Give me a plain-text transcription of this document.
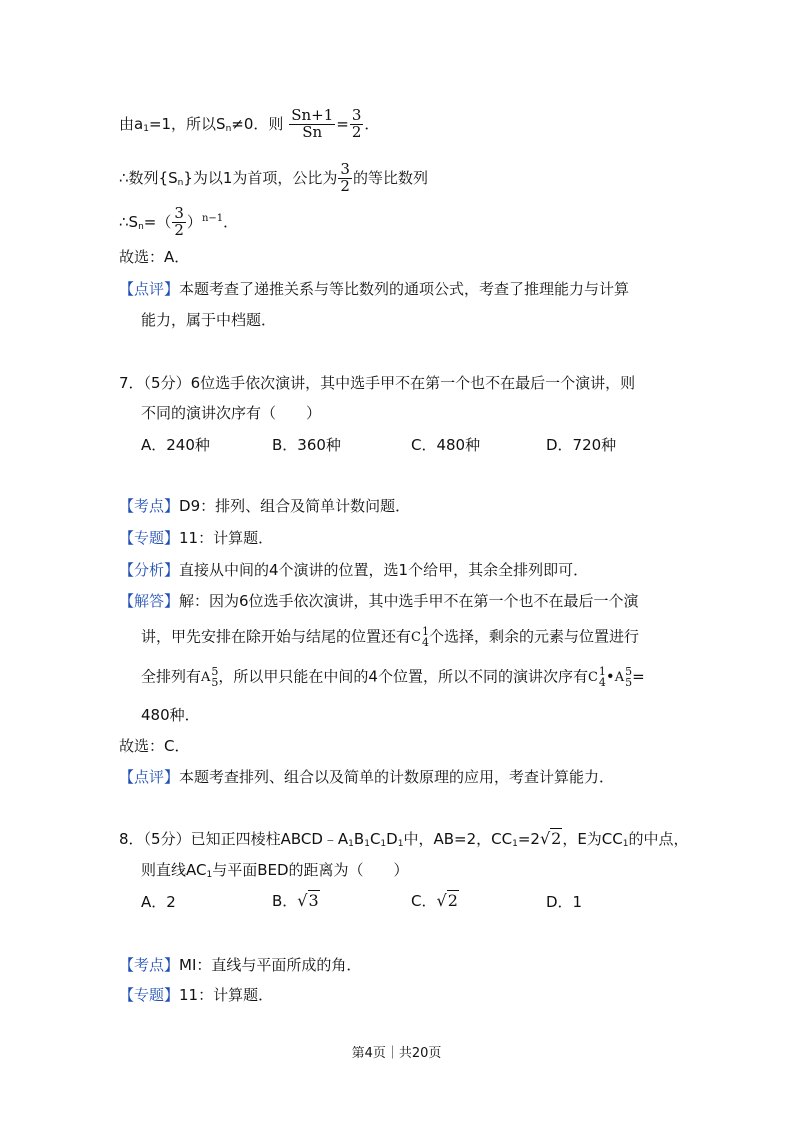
由$a_1=1$，所以$S_n\ne 0$．则 $\frac{Sn+1}{Sn} = \frac{3}{2}$ ．
∴数列$\{S_n\}$为以1为首项，公比为 $\frac{3}{2}$ 的等比数列
$\therefore S_n=( \frac{3}{2} )^{n-1}$．
故选：A．
【点评】本题考查了递推关系与等比数列的通项公式，考查了推理能力与计算
能力，属于中档题．
7．（5分）6位选手依次演讲，其中选手甲不在第一个也不在最后一个演讲，则
不同的演讲次序有（　　）
A．240种	B．360种	C．480种	D．720种
【考点】D9：排列、组合及简单计数问题．
【专题】11：计算题．
【分析】直接从中间的4个演讲的位置，选1个给甲，其余全排列即可．
【解答】解：因为6位选手依次演讲，其中选手甲不在第一个也不在最后一个演
讲，甲先安排在除开始与结尾的位置还有 C 1
4 个选择，剩余的元素与位置进行
全排列有 A 5
5 ，所以甲只能在中间的4个位置，所以不同的演讲次序有 C 1
4 • A 5
5 =
480种．
故选：C．
【点评】本题考查排列、组合以及简单的计数原理的应用，考查计算能力．
8．（5分）已知正四棱柱$ABCD﹣A_1B_1C_1D_1$中，AB=2，$CC_1=2√2$，E为$CC_1$的中点，
则直线$AC_1$与平面BED的距离为（　　）
A．2	B．√3	C．√2	D．1
【考点】MI：直线与平面所成的角．
【专题】11：计算题．
第4页｜共20页
